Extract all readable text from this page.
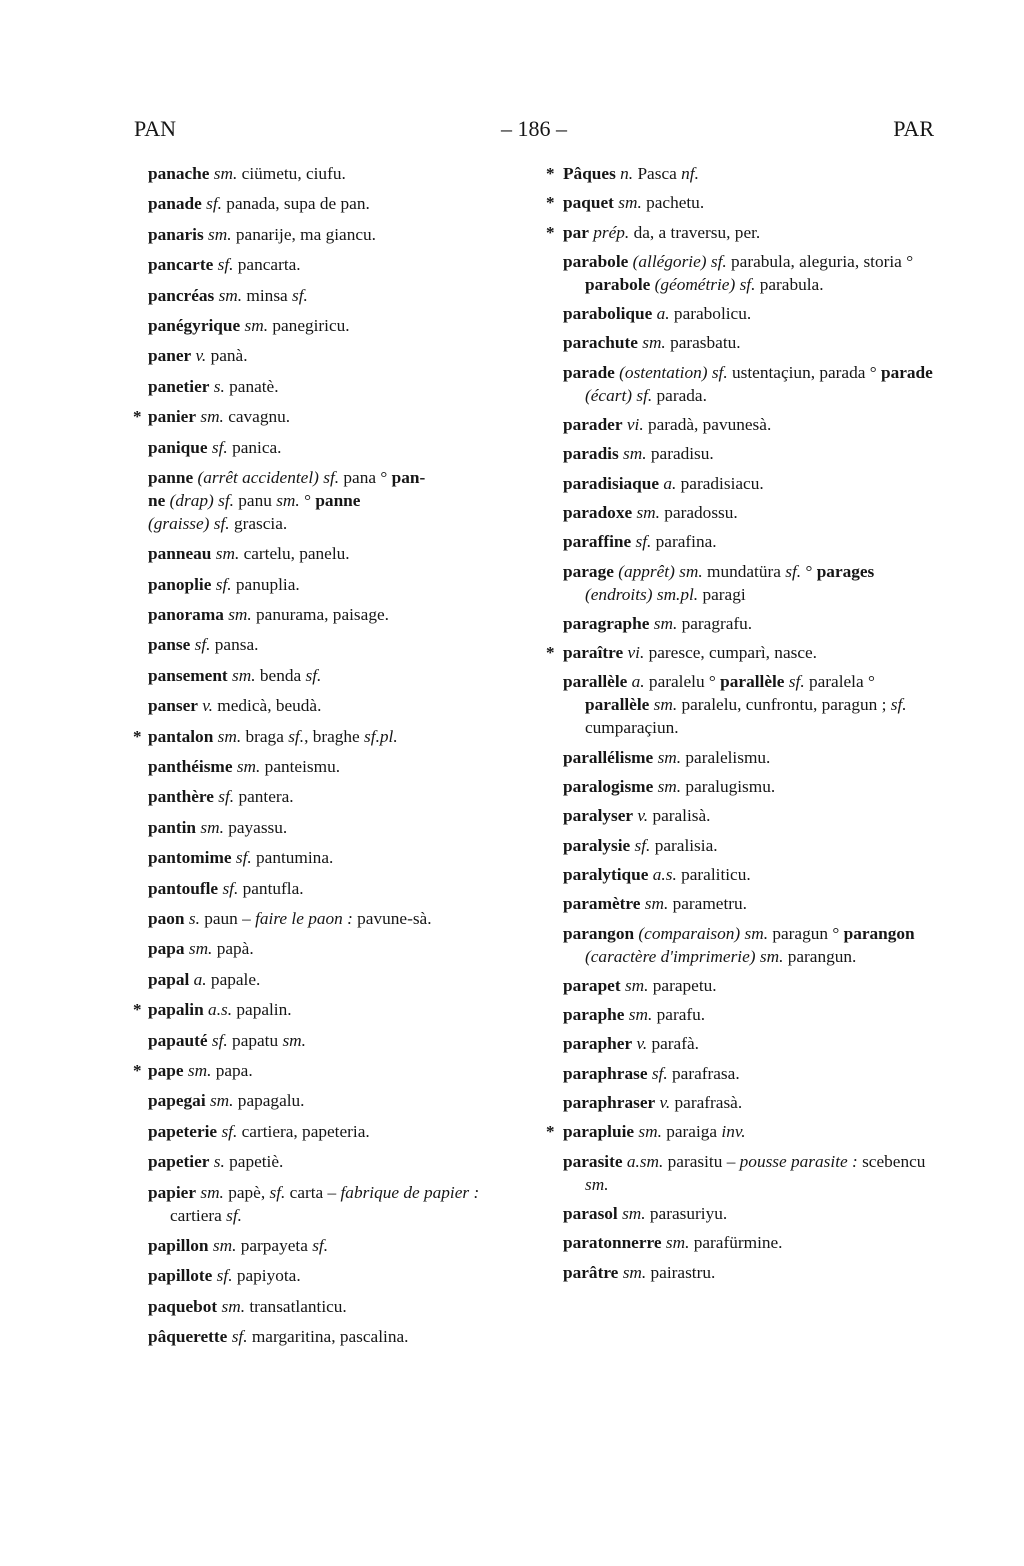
PAN	– 186 –	PAR

panache sm. ciümetu, ciufu.

panade sf. panada, supa de pan.

panaris sm. panarije, ma giancu.

pancarte sf. pancarta.

pancréas sm. minsa sf.

panégyrique sm. panegiricu.

paner v. panà.

panetier s. panatè.

* panier sm. cavagnu.

panique sf. panica.

panne (arrêt accidentel) sf. pana ° pan-

ne (drap) sf. panu sm. ° panne

(graisse) sf. grascia.

panneau sm. cartelu, panelu.

panoplie sf. panuplia.

panorama sm. panurama, paisage.

panse sf. pansa.

pansement sm. benda sf.

panser v. medicà, beudà.

* pantalon sm. braga sf., braghe sf.pl.

panthéisme sm. panteismu.

panthère sf. pantera.

pantin sm. payassu.

pantomime sf. pantumina.

pantoufle sf. pantufla.

paon s. paun – faire le paon : pavune-sà.

papa sm. papà.

papal a. papale.

* papalin a.s. papalin.

papauté sf. papatu sm.

* pape sm. papa.

papegai sm. papagalu.

papeterie sf. cartiera, papeteria.

papetier s. papetiè.

papier sm. papè, sf. carta – fabrique de papier : cartiera sf.

papillon sm. parpayeta sf.

papillote sf. papiyota.

paquebot sm. transatlanticu.

pâquerette sf. margaritina, pascalina.

* Pâques n. Pasca nf.

* paquet sm. pachetu.

* par prép. da, a traversu, per.

parabole (allégorie) sf. parabula, aleguria, storia ° parabole (géométrie) sf. parabula.

parabolique a. parabolicu.

parachute sm. parasbatu.

parade (ostentation) sf. ustentaçiun, parada ° parade (écart) sf. parada.

parader vi. paradà, pavunesà.

paradis sm. paradisu.

paradisiaque a. paradisiacu.

paradoxe sm. paradossu.

paraffine sf. parafina.

parage (apprêt) sm. mundatüra sf. ° parages (endroits) sm.pl. paragi

paragraphe sm. paragrafu.

* paraître vi. paresce, cumparì, nasce.

parallèle a. paralelu ° parallèle sf. paralela ° parallèle sm. paralelu, cunfrontu, paragun ; sf. cumparaçiun.

parallélisme sm. paralelismu.

paralogisme sm. paralugismu.

paralyser v. paralisà.

paralysie sf. paralisia.

paralytique a.s. paraliticu.

paramètre sm. parametru.

parangon (comparaison) sm. paragun ° parangon (caractère d'imprimerie) sm. parangun.

parapet sm. parapetu.

paraphe sm. parafu.

parapher v. parafà.

paraphrase sf. parafrasa.

paraphraser v. parafrasà.

* parapluie sm. paraiga inv.

parasite a.sm. parasitu – pousse parasite : scebencu sm.

parasol sm. parasuriyu.

paratonnerre sm. parafürmine.

parâtre sm. pairastru.
